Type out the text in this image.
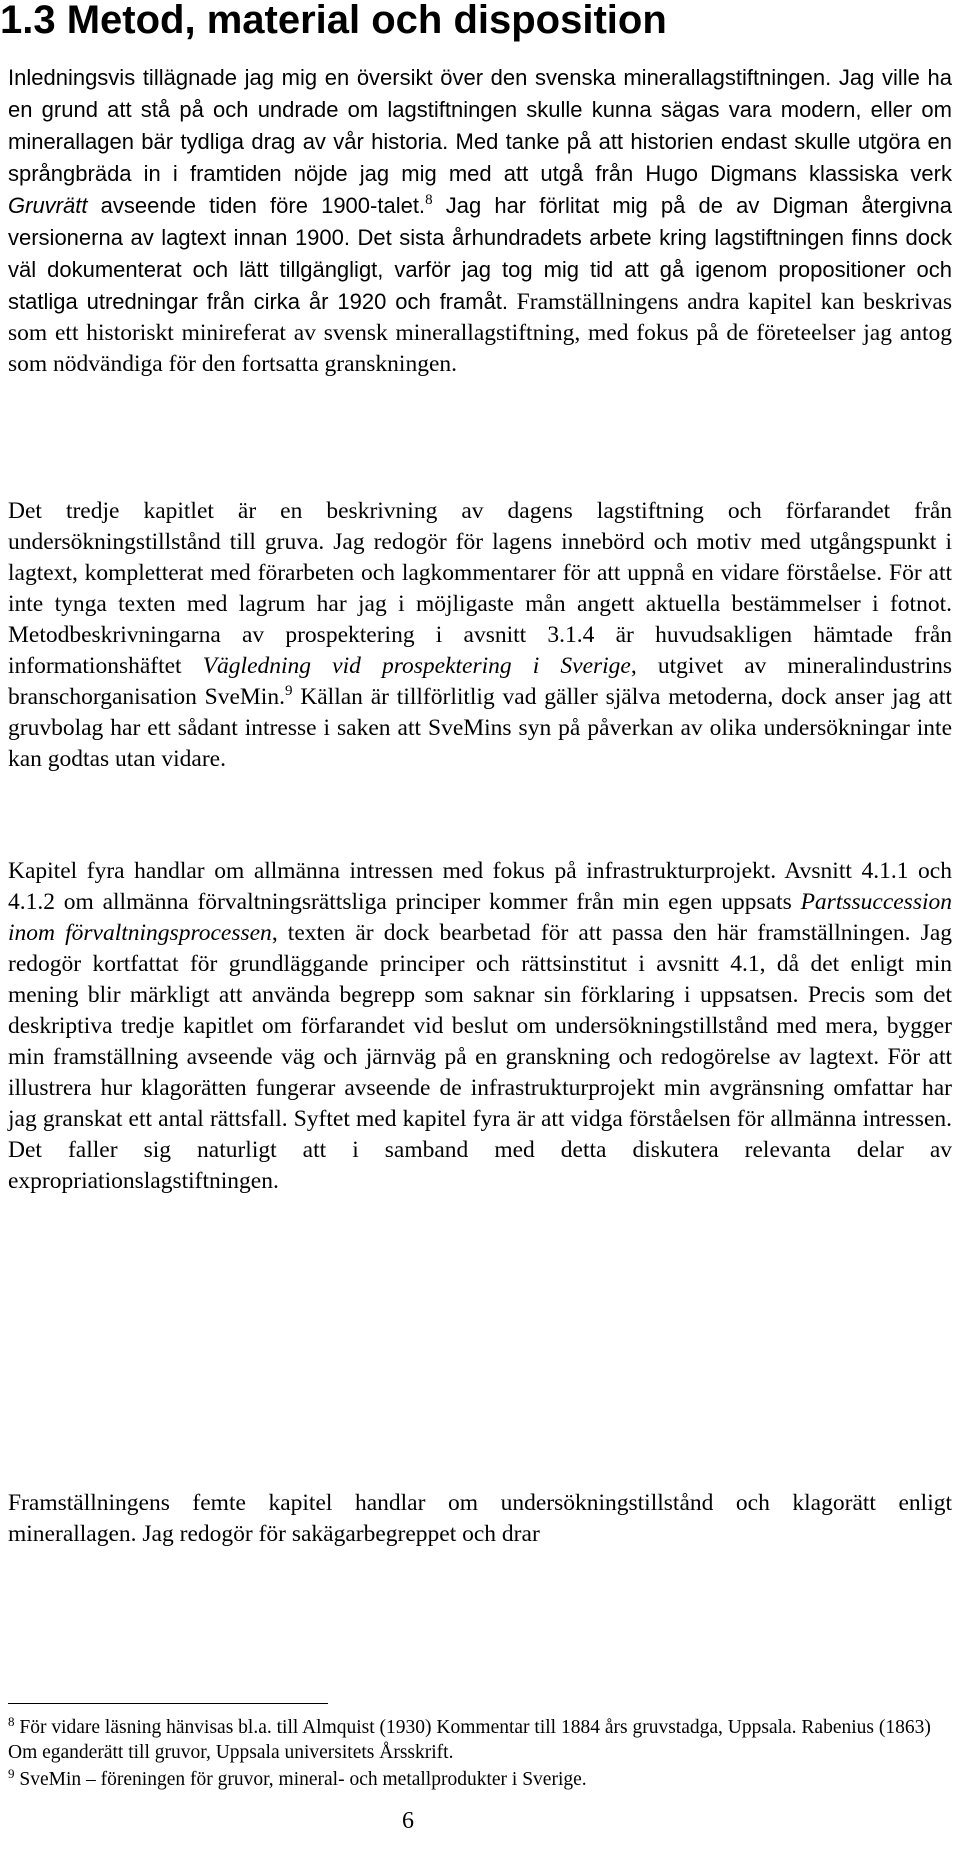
1.3 Metod, material och disposition

Inledningsvis tillägnade jag mig en översikt över den svenska minerallagstiftningen. Jag ville ha en grund att stå på och undrade om lagstiftningen skulle kunna sägas vara modern, eller om minerallagen bär tydliga drag av vår historia. Med tanke på att historien endast skulle utgöra en språngbräda in i framtiden nöjde jag mig med att utgå från Hugo Digmans klassiska verk Gruvrätt avseende tiden före 1900-talet.$^8$ Jag har förlitat mig på de av Digman återgivna versionerna av lagtext innan 1900. Det sista århundradets arbete kring lagstiftningen finns dock väl dokumenterat och lätt tillgängligt, varför jag tog mig tid att gå igenom propositioner och statliga utredningar från cirka år 1920 och framåt. Framställningens andra kapitel kan beskrivas som ett historiskt minireferat av svensk minerallagstiftning, med fokus på de företeelser jag antog som nödvändiga för den fortsatta granskningen.

Det tredje kapitlet är en beskrivning av dagens lagstiftning och förfarandet från undersökningstillstånd till gruva. Jag redogör för lagens innebörd och motiv med utgångspunkt i lagtext, kompletterat med förarbeten och lagkommentarer för att uppnå en vidare förståelse. För att inte tynga texten med lagrum har jag i möjligaste mån angett aktuella bestämmelser i fotnot. Metodbeskrivningarna av prospektering i avsnitt 3.1.4 är huvudsakligen hämtade från informationshäftet Vägledning vid prospektering i Sverige, utgivet av mineralindustrins branschorganisation SveMin.$^9$ Källan är tillförlitlig vad gäller själva metoderna, dock anser jag att gruvbolag har ett sådant intresse i saken att SveMins syn på påverkan av olika undersökningar inte kan godtas utan vidare.

Kapitel fyra handlar om allmänna intressen med fokus på infrastrukturprojekt. Avsnitt 4.1.1 och 4.1.2 om allmänna förvaltningsrättsliga principer kommer från min egen uppsats Partssuccession inom förvaltningsprocessen, texten är dock bearbetad för att passa den här framställningen. Jag redogör kortfattat för grundläggande principer och rättsinstitut i avsnitt 4.1, då det enligt min mening blir märkligt att använda begrepp som saknar sin förklaring i uppsatsen. Precis som det deskriptiva tredje kapitlet om förfarandet vid beslut om undersökningstillstånd med mera, bygger min framställning avseende väg och järnväg på en granskning och redogörelse av lagtext. För att illustrera hur klagorätten fungerar avseende de infrastrukturprojekt min avgränsning omfattar har jag granskat ett antal rättsfall. Syftet med kapitel fyra är att vidga förståelsen för allmänna intressen. Det faller sig naturligt att i samband med detta diskutera relevanta delar av expropriationslagstiftningen.

Framställningens femte kapitel handlar om undersökningstillstånd och klagorätt enligt minerallagen. Jag redogör för sakägarbegreppet och drar

$^8$ För vidare läsning hänvisas bl.a. till Almquist (1930) Kommentar till 1884 års gruvstadga, Uppsala. Rabenius (1863) Om eganderätt till gruvor, Uppsala universitets Årsskrift.

$^9$ SveMin – föreningen för gruvor, mineral- och metallprodukter i Sverige.

6
